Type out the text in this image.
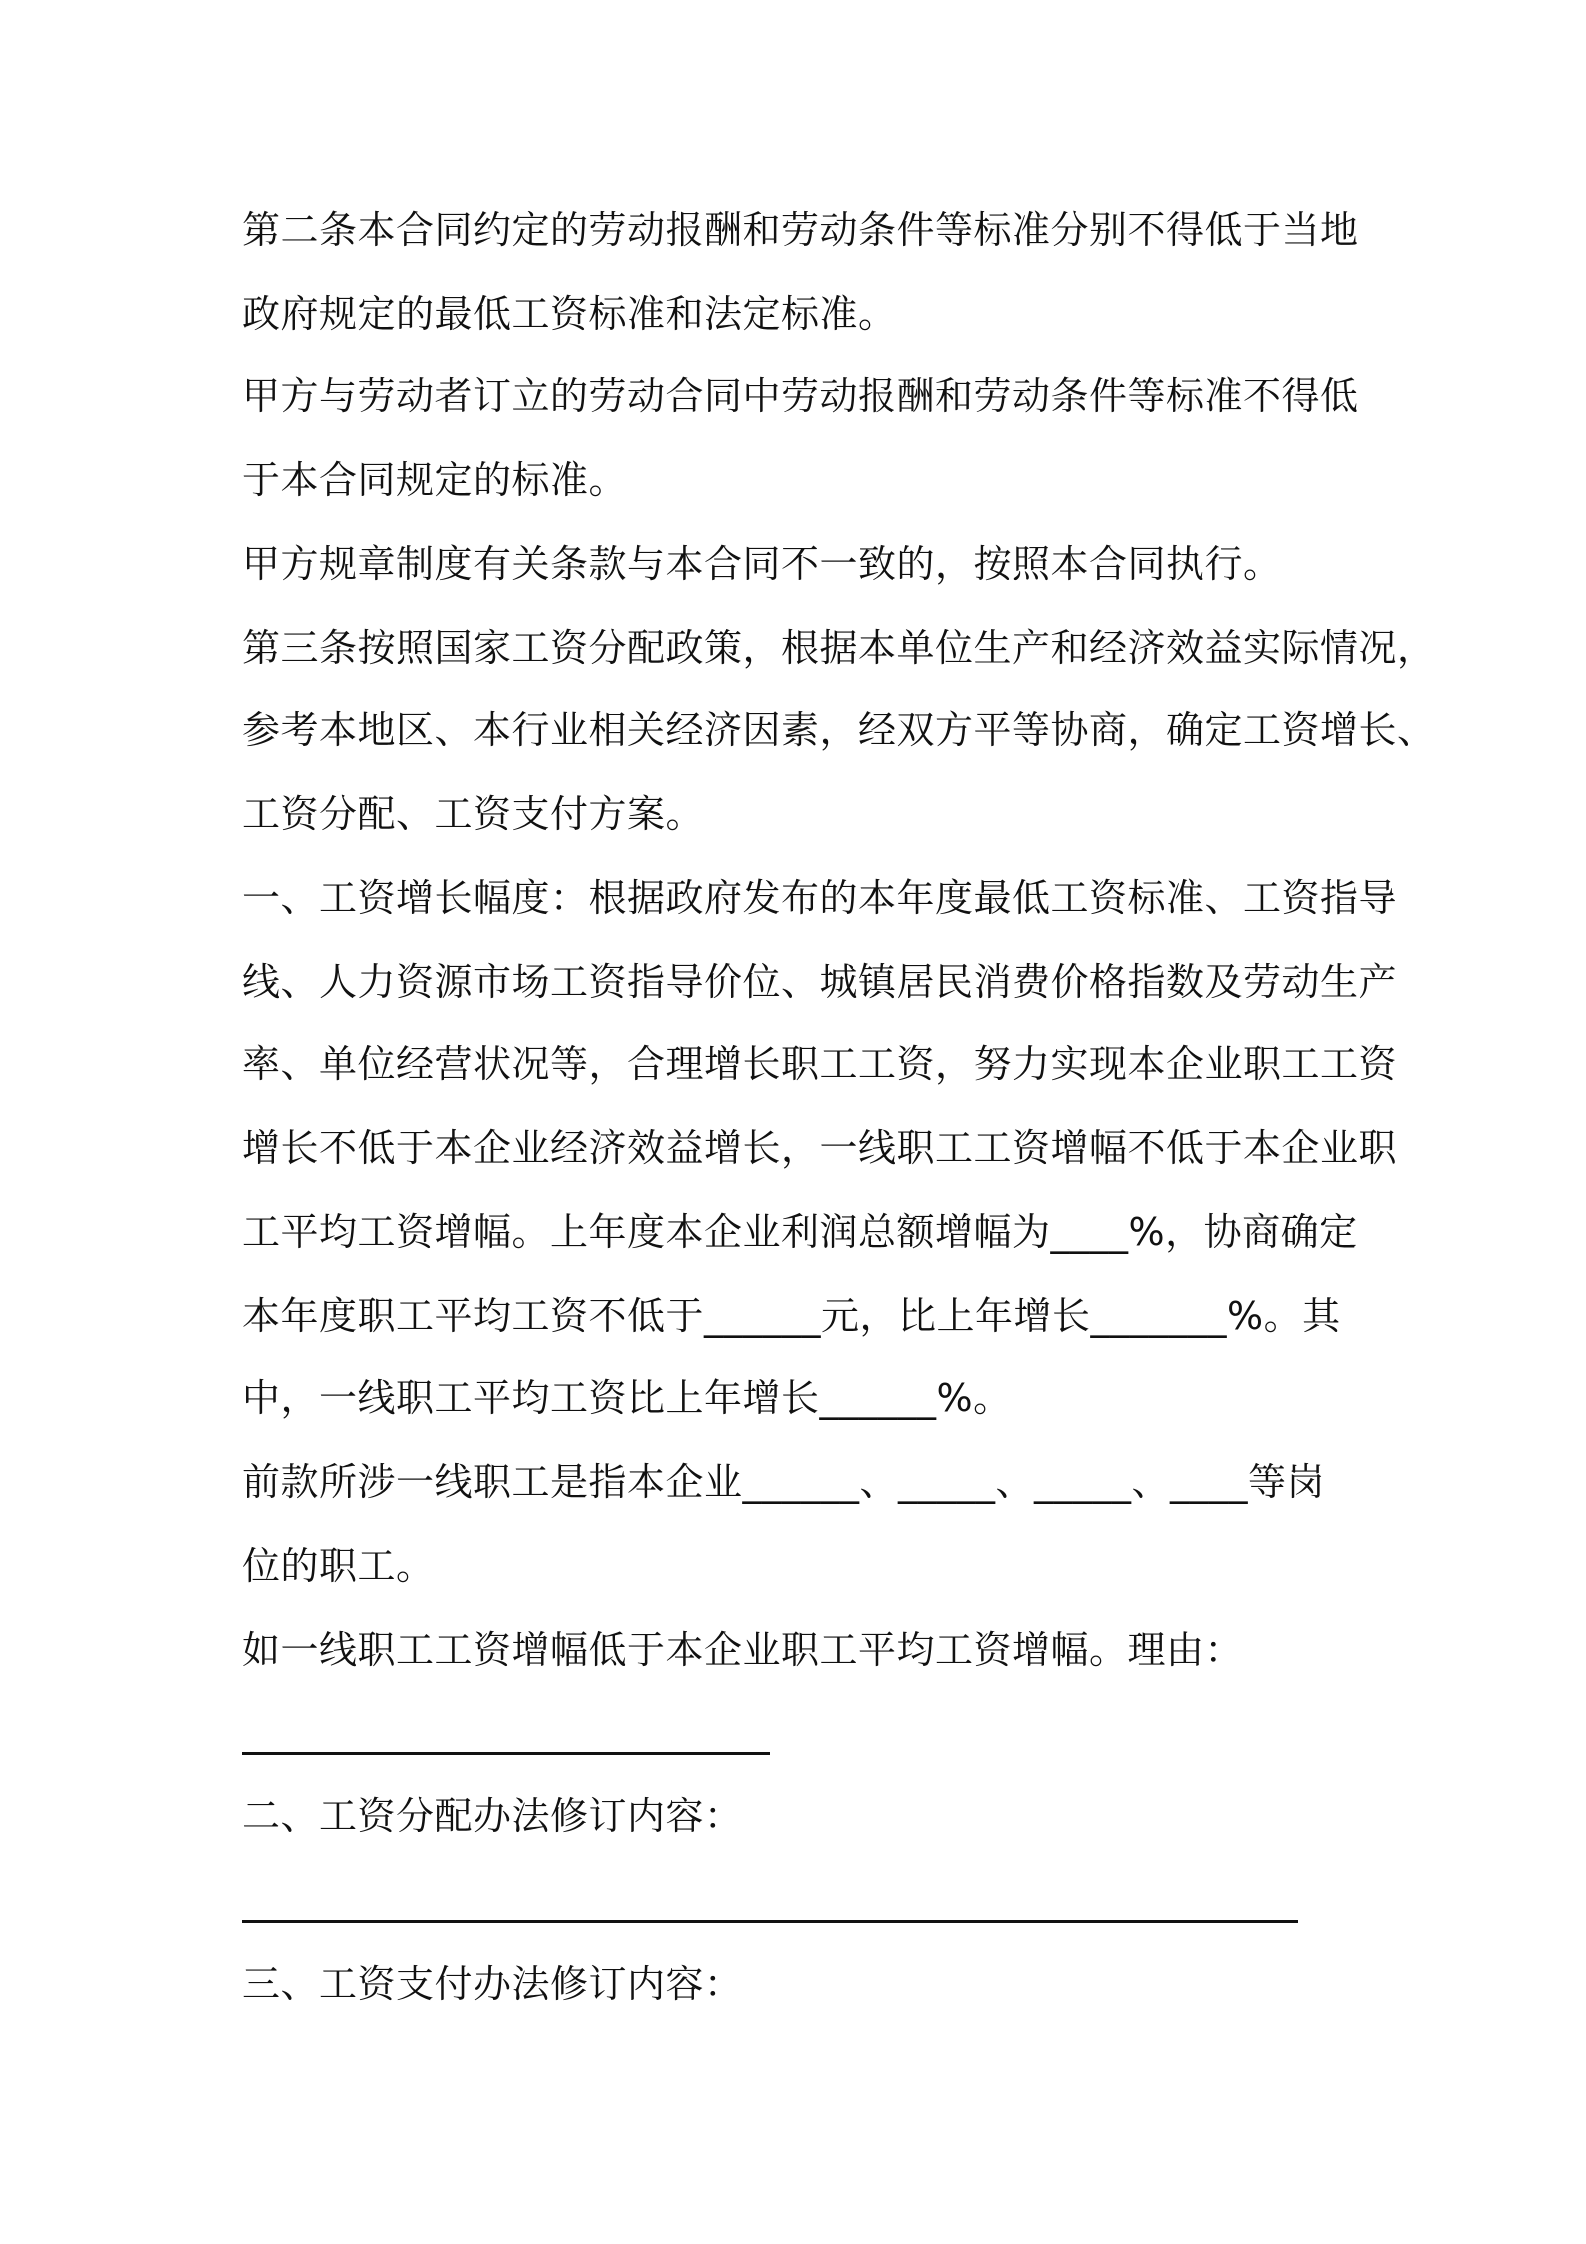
第二条本合同约定的劳动报酬和劳动条件等标准分别不得低于当地
政府规定的最低工资标准和法定标准。
甲方与劳动者订立的劳动合同中劳动报酬和劳动条件等标准不得低
于本合同规定的标准。
甲方规章制度有关条款与本合同不一致的，按照本合同执行。
第三条按照国家工资分配政策，根据本单位生产和经济效益实际情况，
参考本地区、本行业相关经济因素，经双方平等协商，确定工资增长、
工资分配、工资支付方案。
一、工资增长幅度：根据政府发布的本年度最低工资标准、工资指导
线、人力资源市场工资指导价位、城镇居民消费价格指数及劳动生产
率、单位经营状况等，合理增长职工工资，努力实现本企业职工工资
增长不低于本企业经济效益增长，一线职工工资增幅不低于本企业职
工平均工资增幅。上年度本企业利润总额增幅为____%，协商确定
本年度职工平均工资不低于______元，比上年增长_______%。其
中，一线职工平均工资比上年增长______%。
前款所涉一线职工是指本企业______、_____、_____、____等岗
位的职工。
如一线职工工资增幅低于本企业职工平均工资增幅。理由：
二、工资分配办法修订内容：
三、工资支付办法修订内容：
